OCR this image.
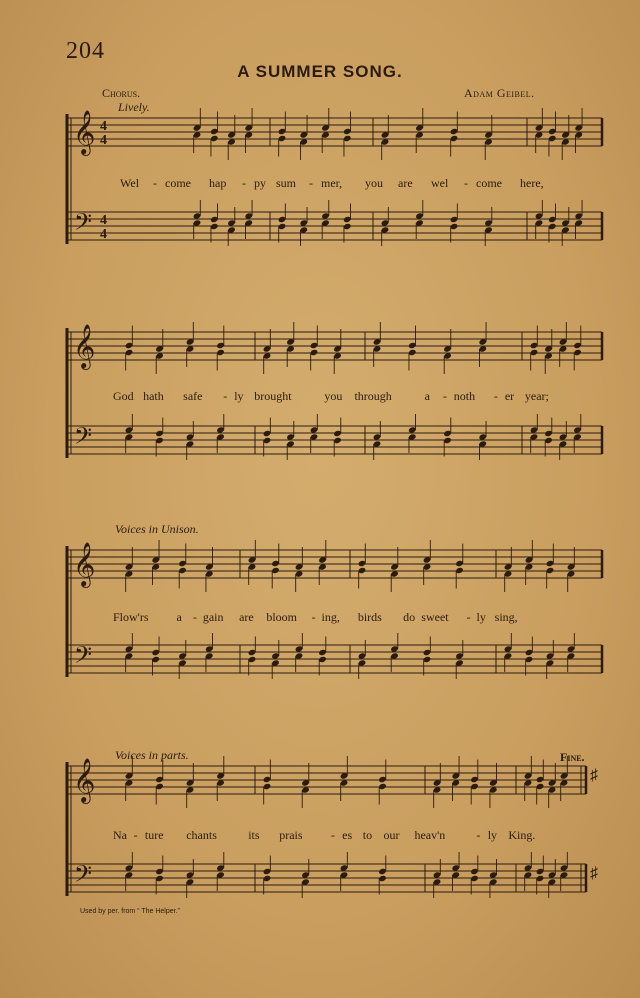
204
A SUMMER SONG.
Chorus.	Adam Geibel.
Lively.
Voices in Unison.
Voices in parts.	Fine.
Used by per. from “ The Helper.”
𝄞
𝄢
4
4
4
4
𝄞
𝄢
𝄞
𝄢
𝄞
𝄢
♯
♯
Wel - come hap - py sum - mer, you are wel - come here,
God hath safe - ly brought	you through	a - noth - er year;
Flow'rs a - gain are bloom - ing, birds do sweet - ly sing,
Na - ture chants	its prais - es to our heav'n	- ly King.
